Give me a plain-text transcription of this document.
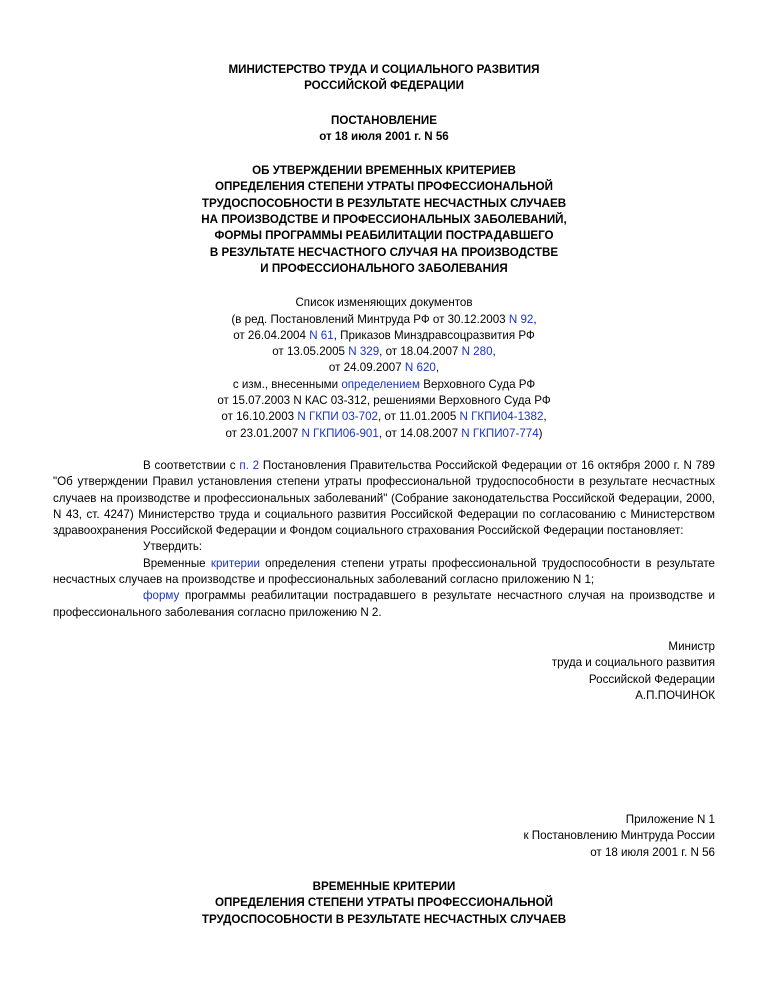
МИНИСТЕРСТВО ТРУДА И СОЦИАЛЬНОГО РАЗВИТИЯ
РОССИЙСКОЙ ФЕДЕРАЦИИ
ПОСТАНОВЛЕНИЕ
от 18 июля 2001 г. N 56
ОБ УТВЕРЖДЕНИИ ВРЕМЕННЫХ КРИТЕРИЕВ
ОПРЕДЕЛЕНИЯ СТЕПЕНИ УТРАТЫ ПРОФЕССИОНАЛЬНОЙ
ТРУДОСПОСОБНОСТИ В РЕЗУЛЬТАТЕ НЕСЧАСТНЫХ СЛУЧАЕВ
НА ПРОИЗВОДСТВЕ И ПРОФЕССИОНАЛЬНЫХ ЗАБОЛЕВАНИЙ,
ФОРМЫ ПРОГРАММЫ РЕАБИЛИТАЦИИ ПОСТРАДАВШЕГО
В РЕЗУЛЬТАТЕ НЕСЧАСТНОГО СЛУЧАЯ НА ПРОИЗВОДСТВЕ
И ПРОФЕССИОНАЛЬНОГО ЗАБОЛЕВАНИЯ
Список изменяющих документов
(в ред. Постановлений Минтруда РФ от 30.12.2003 N 92,
от 26.04.2004 N 61, Приказов Минздравсоцразвития РФ
от 13.05.2005 N 329, от 18.04.2007 N 280,
от 24.09.2007 N 620,
с изм., внесенными определением Верховного Суда РФ
от 15.07.2003 N КАС 03-312, решениями Верховного Суда РФ
от 16.10.2003 N ГКПИ 03-702, от 11.01.2005 N ГКПИ04-1382,
от 23.01.2007 N ГКПИ06-901, от 14.08.2007 N ГКПИ07-774)

В соответствии с п. 2 Постановления Правительства Российской Федерации от 16 октября 2000 г. N 789 "Об утверждении Правил установления степени утраты профессиональной трудоспособности в результате несчастных случаев на производстве и профессиональных заболеваний" (Собрание законодательства Российской Федерации, 2000, N 43, ст. 4247) Министерство труда и социального развития Российской Федерации по согласованию с Министерством здравоохранения Российской Федерации и Фондом социального страхования Российской Федерации постановляет:

Утвердить:

Временные критерии определения степени утраты профессиональной трудоспособности в результате несчастных случаев на производстве и профессиональных заболеваний согласно приложению N 1;

форму программы реабилитации пострадавшего в результате несчастного случая на производстве и профессионального заболевания согласно приложению N 2.

Министр
труда и социального развития
Российской Федерации
А.П.ПОЧИНОК
Приложение N 1
к Постановлению Минтруда России
от 18 июля 2001 г. N 56
ВРЕМЕННЫЕ КРИТЕРИИ
ОПРЕДЕЛЕНИЯ СТЕПЕНИ УТРАТЫ ПРОФЕССИОНАЛЬНОЙ
ТРУДОСПОСОБНОСТИ В РЕЗУЛЬТАТЕ НЕСЧАСТНЫХ СЛУЧАЕВ
